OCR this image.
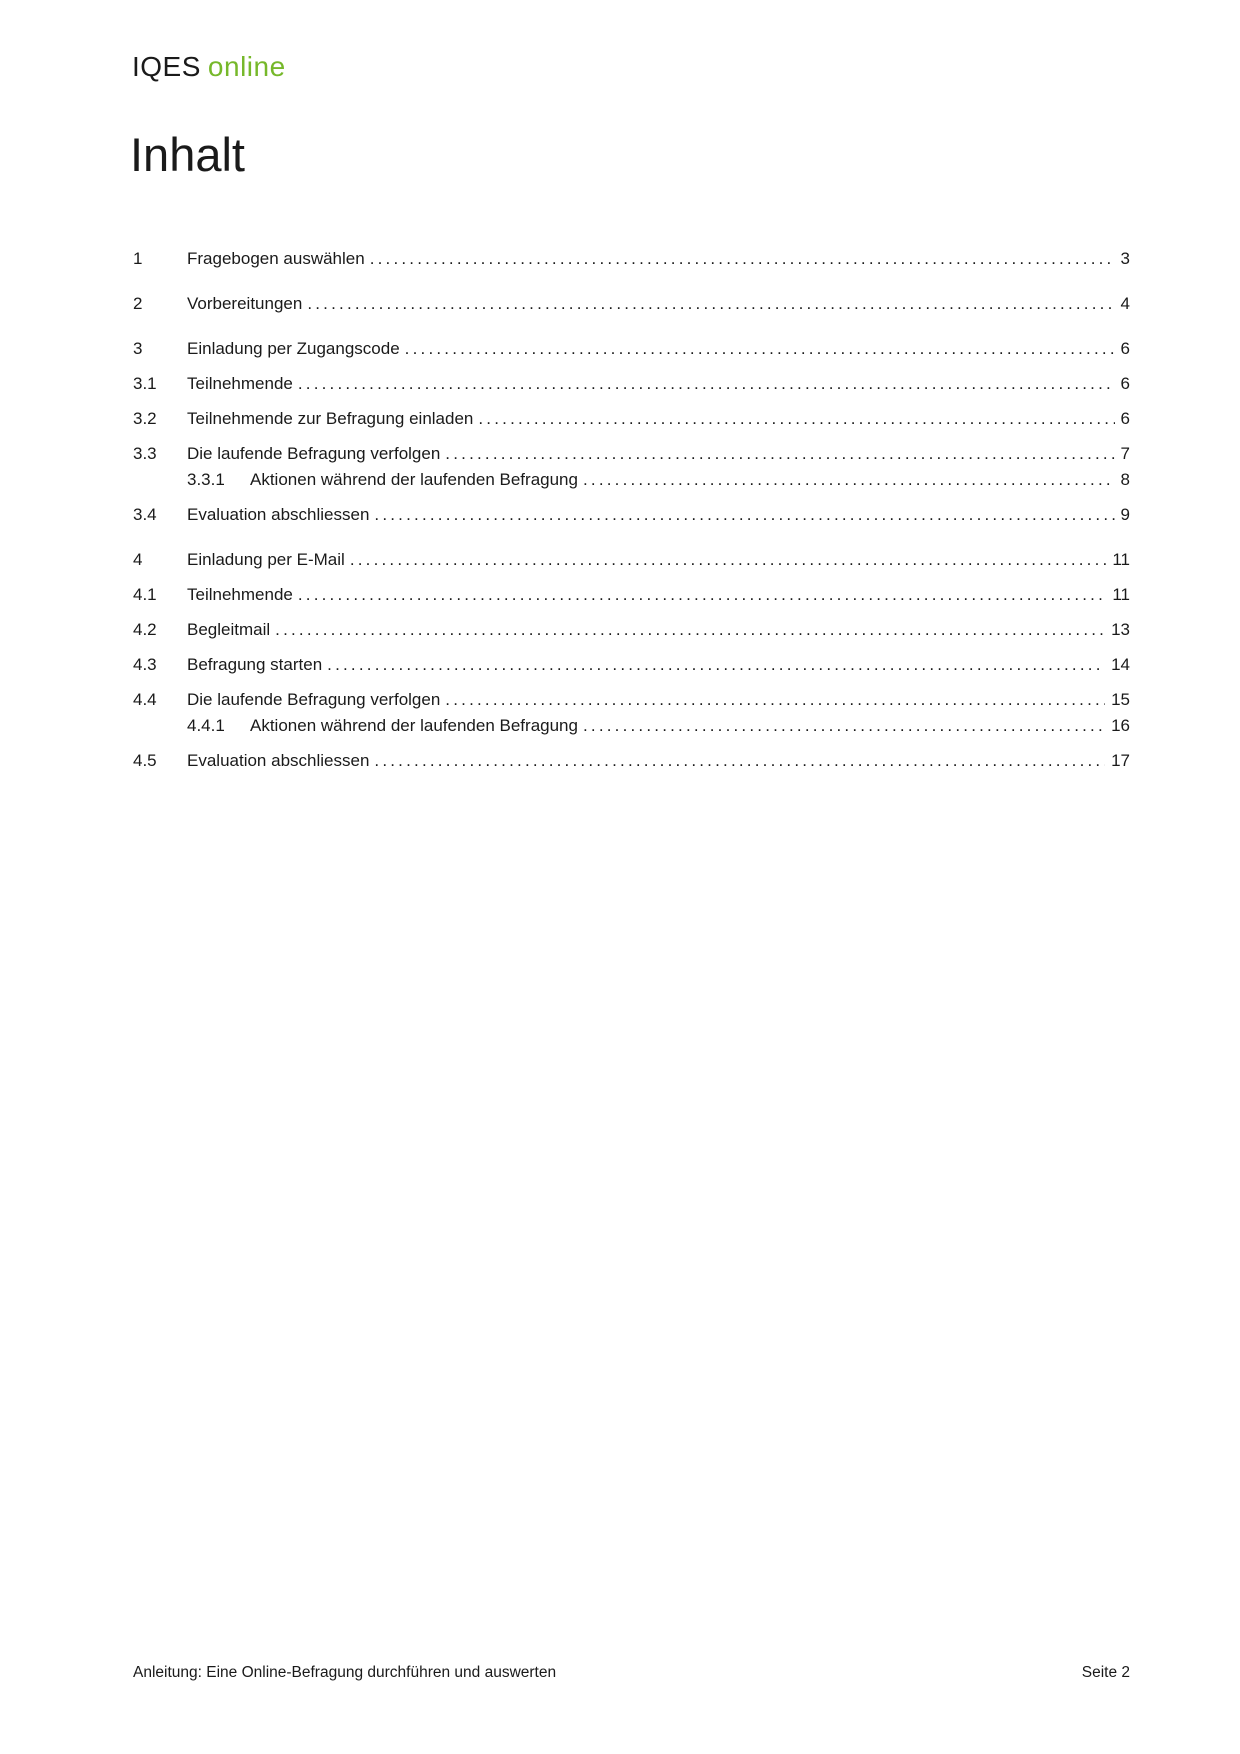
IQES online
Inhalt
1	Fragebogen auswählen .....	3
2	Vorbereitungen .....	4
3	Einladung per Zugangscode .....	6
3.1	Teilnehmende .....	6
3.2	Teilnehmende zur Befragung einladen .....	6
3.3	Die laufende Befragung verfolgen .....	7
3.3.1	Aktionen während der laufenden Befragung .....	8
3.4	Evaluation abschliessen .....	9
4	Einladung per E-Mail .....	11
4.1	Teilnehmende .....	11
4.2	Begleitmail .....	13
4.3	Befragung starten .....	14
4.4	Die laufende Befragung verfolgen .....	15
4.4.1	Aktionen während der laufenden Befragung .....	16
4.5	Evaluation abschliessen .....	17
Anleitung: Eine Online-Befragung durchführen und auswerten	Seite 2
